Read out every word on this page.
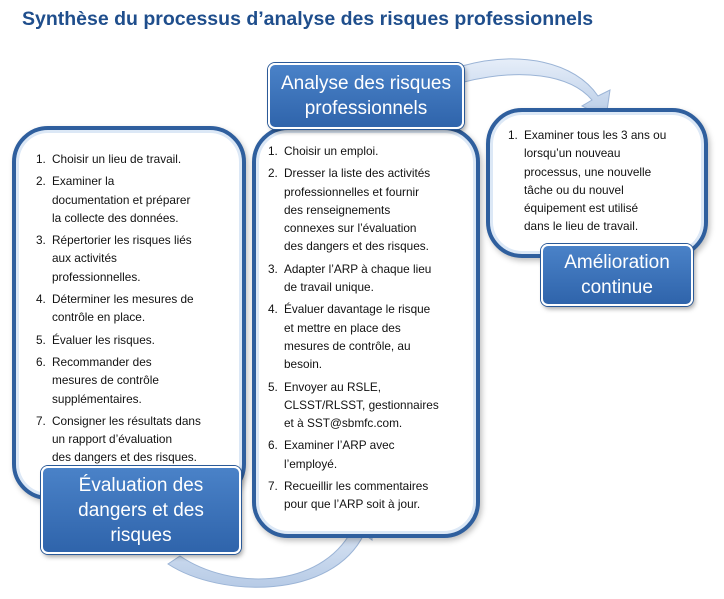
Synthèse du processus d’analyse des risques professionnels
1. Choisir un lieu de travail.
2. Examiner la
documentation et préparer
la collecte des données.
3. Répertorier les risques liés
aux activités
professionnelles.
4. Déterminer les mesures de
contrôle en place.
5. Évaluer les risques.
6. Recommander des
mesures de contrôle
supplémentaires.
7. Consigner les résultats dans
un rapport d’évaluation
des dangers et des risques.
1. Choisir un emploi.
2. Dresser la liste des activités
professionnelles et fournir
des renseignements
connexes sur l’évaluation
des dangers et des risques.
3. Adapter l’ARP à chaque lieu
de travail unique.
4. Évaluer davantage le risque
et mettre en place des
mesures de contrôle, au
besoin.
5. Envoyer au RSLE,
CLSST/RLSST, gestionnaires
et à SST@sbmfc.com.
6. Examiner l’ARP avec
l’employé.
7. Recueillir les commentaires
pour que l’ARP soit à jour.
1. Examiner tous les 3 ans ou
lorsqu’un nouveau
processus, une nouvelle
tâche ou du nouvel
équipement est utilisé
dans le lieu de travail.
Analyse des risques
professionnels
Amélioration
continue
Évaluation des
dangers et des
risques
